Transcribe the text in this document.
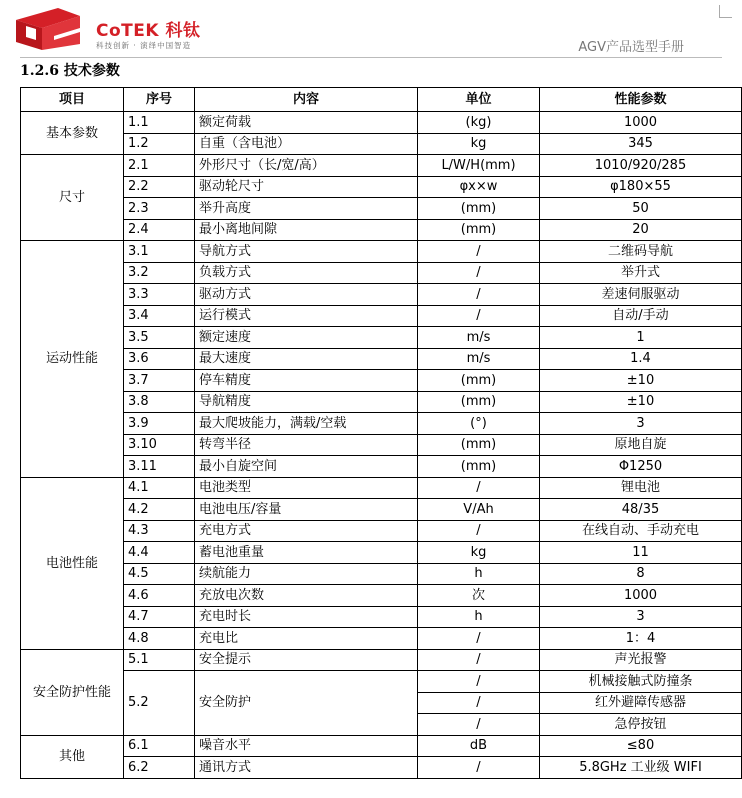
CoTEK 科钛
科技创新 · 演绎中国智造	AGV产品选型手册
1.2.6 技术参数
项目	序号	内容	单位	性能参数
基本参数	1.1	额定荷载	(kg)	1000
	1.2	自重（含电池）	kg	345
尺寸	2.1	外形尺寸（长/宽/高）	L/W/H(mm)	1010/920/285
	2.2	驱动轮尺寸	φx×w	φ180×55
	2.3	举升高度	(mm)	50
	2.4	最小离地间隙	(mm)	20
运动性能	3.1	导航方式	/	二维码导航
	3.2	负载方式	/	举升式
	3.3	驱动方式	/	差速伺服驱动
	3.4	运行模式	/	自动/手动
	3.5	额定速度	m/s	1
	3.6	最大速度	m/s	1.4
	3.7	停车精度	(mm)	±10
	3.8	导航精度	(mm)	±10
	3.9	最大爬坡能力，满载/空载	(°)	3
	3.10	转弯半径	(mm)	原地自旋
	3.11	最小自旋空间	(mm)	Φ1250
电池性能	4.1	电池类型	/	锂电池
	4.2	电池电压/容量	V/Ah	48/35
	4.3	充电方式	/	在线自动、手动充电
	4.4	蓄电池重量	kg	11
	4.5	续航能力	h	8
	4.6	充放电次数	次	1000
	4.7	充电时长	h	3
	4.8	充电比	/	1：4
安全防护性能	5.1	安全提示	/	声光报警
	5.2	安全防护	/	机械接触式防撞条
			/	红外避障传感器
			/	急停按钮
其他	6.1	噪音水平	dB	≤80
	6.2	通讯方式	/	5.8GHz 工业级 WIFI
